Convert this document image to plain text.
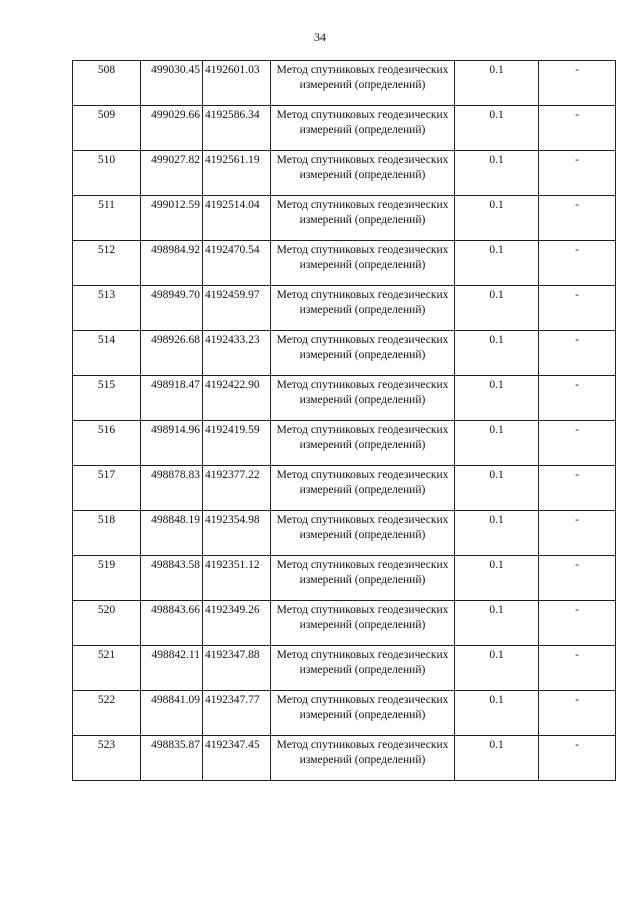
34
508	499030.45	4192601.03	Метод спутниковых геодезических измерений (определений)	0.1	-
509	499029.66	4192586.34	Метод спутниковых геодезических измерений (определений)	0.1	-
510	499027.82	4192561.19	Метод спутниковых геодезических измерений (определений)	0.1	-
511	499012.59	4192514.04	Метод спутниковых геодезических измерений (определений)	0.1	-
512	498984.92	4192470.54	Метод спутниковых геодезических измерений (определений)	0.1	-
513	498949.70	4192459.97	Метод спутниковых геодезических измерений (определений)	0.1	-
514	498926.68	4192433.23	Метод спутниковых геодезических измерений (определений)	0.1	-
515	498918.47	4192422.90	Метод спутниковых геодезических измерений (определений)	0.1	-
516	498914.96	4192419.59	Метод спутниковых геодезических измерений (определений)	0.1	-
517	498878.83	4192377.22	Метод спутниковых геодезических измерений (определений)	0.1	-
518	498848.19	4192354.98	Метод спутниковых геодезических измерений (определений)	0.1	-
519	498843.58	4192351.12	Метод спутниковых геодезических измерений (определений)	0.1	-
520	498843.66	4192349.26	Метод спутниковых геодезических измерений (определений)	0.1	-
521	498842.11	4192347.88	Метод спутниковых геодезических измерений (определений)	0.1	-
522	498841.09	4192347.77	Метод спутниковых геодезических измерений (определений)	0.1	-
523	498835.87	4192347.45	Метод спутниковых геодезических измерений (определений)	0.1	-
